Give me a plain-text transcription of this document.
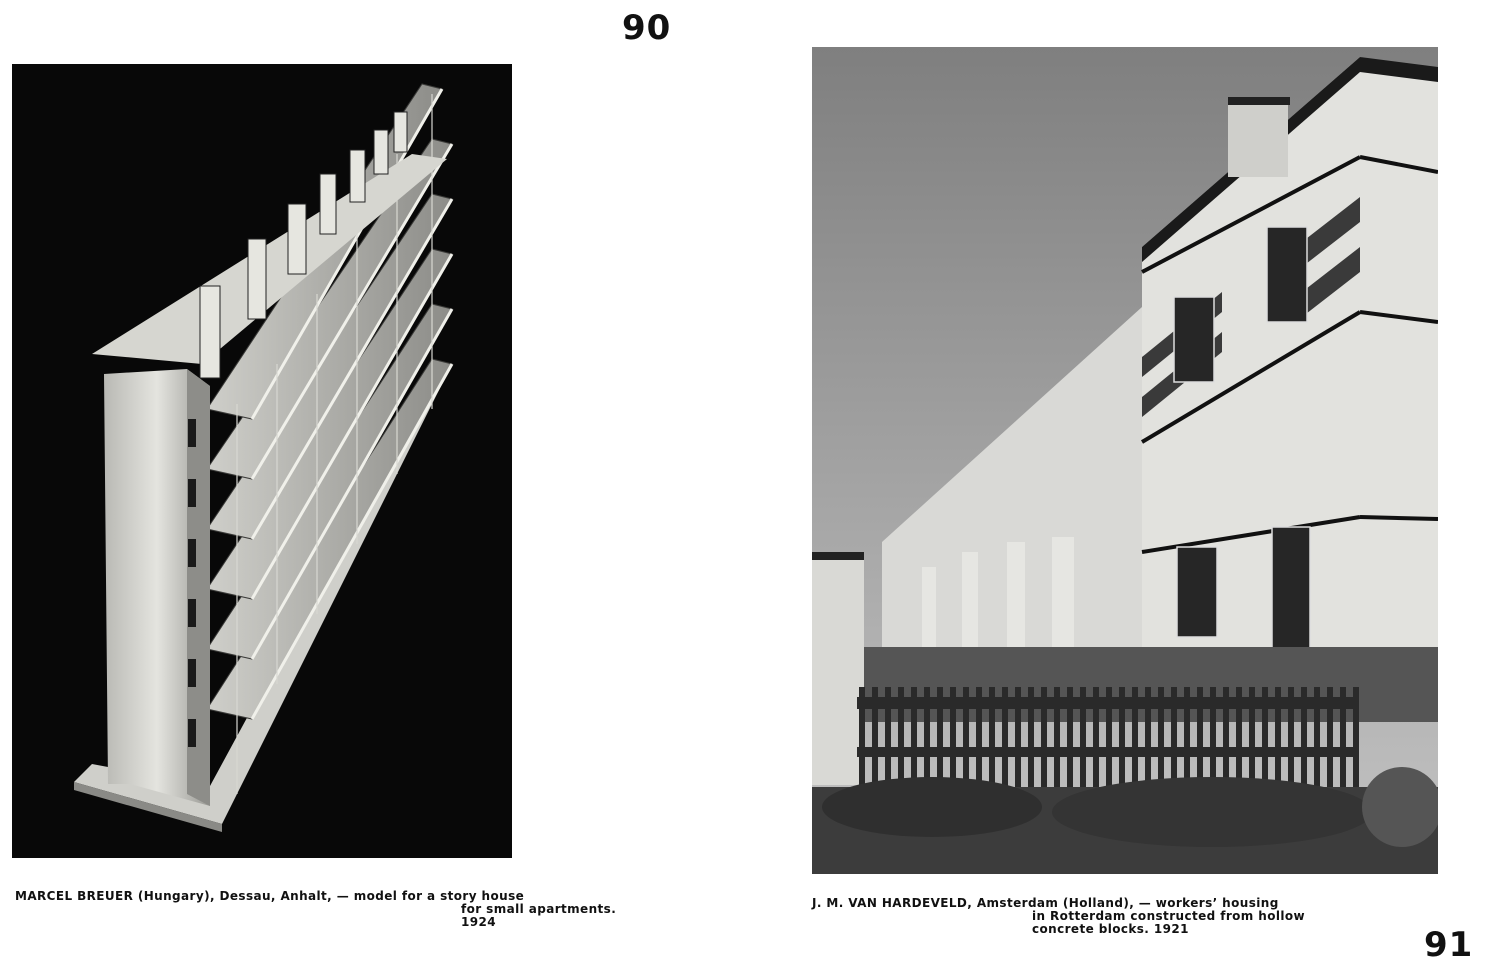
90
MARCEL BREUER (Hungary), Dessau, Anhalt, — model for a story house
for small apartments.
1924
J. M. VAN HARDEVELD, Amsterdam (Holland), — workers’ housing
in Rotterdam constructed from hollow
concrete blocks. 1921	91
